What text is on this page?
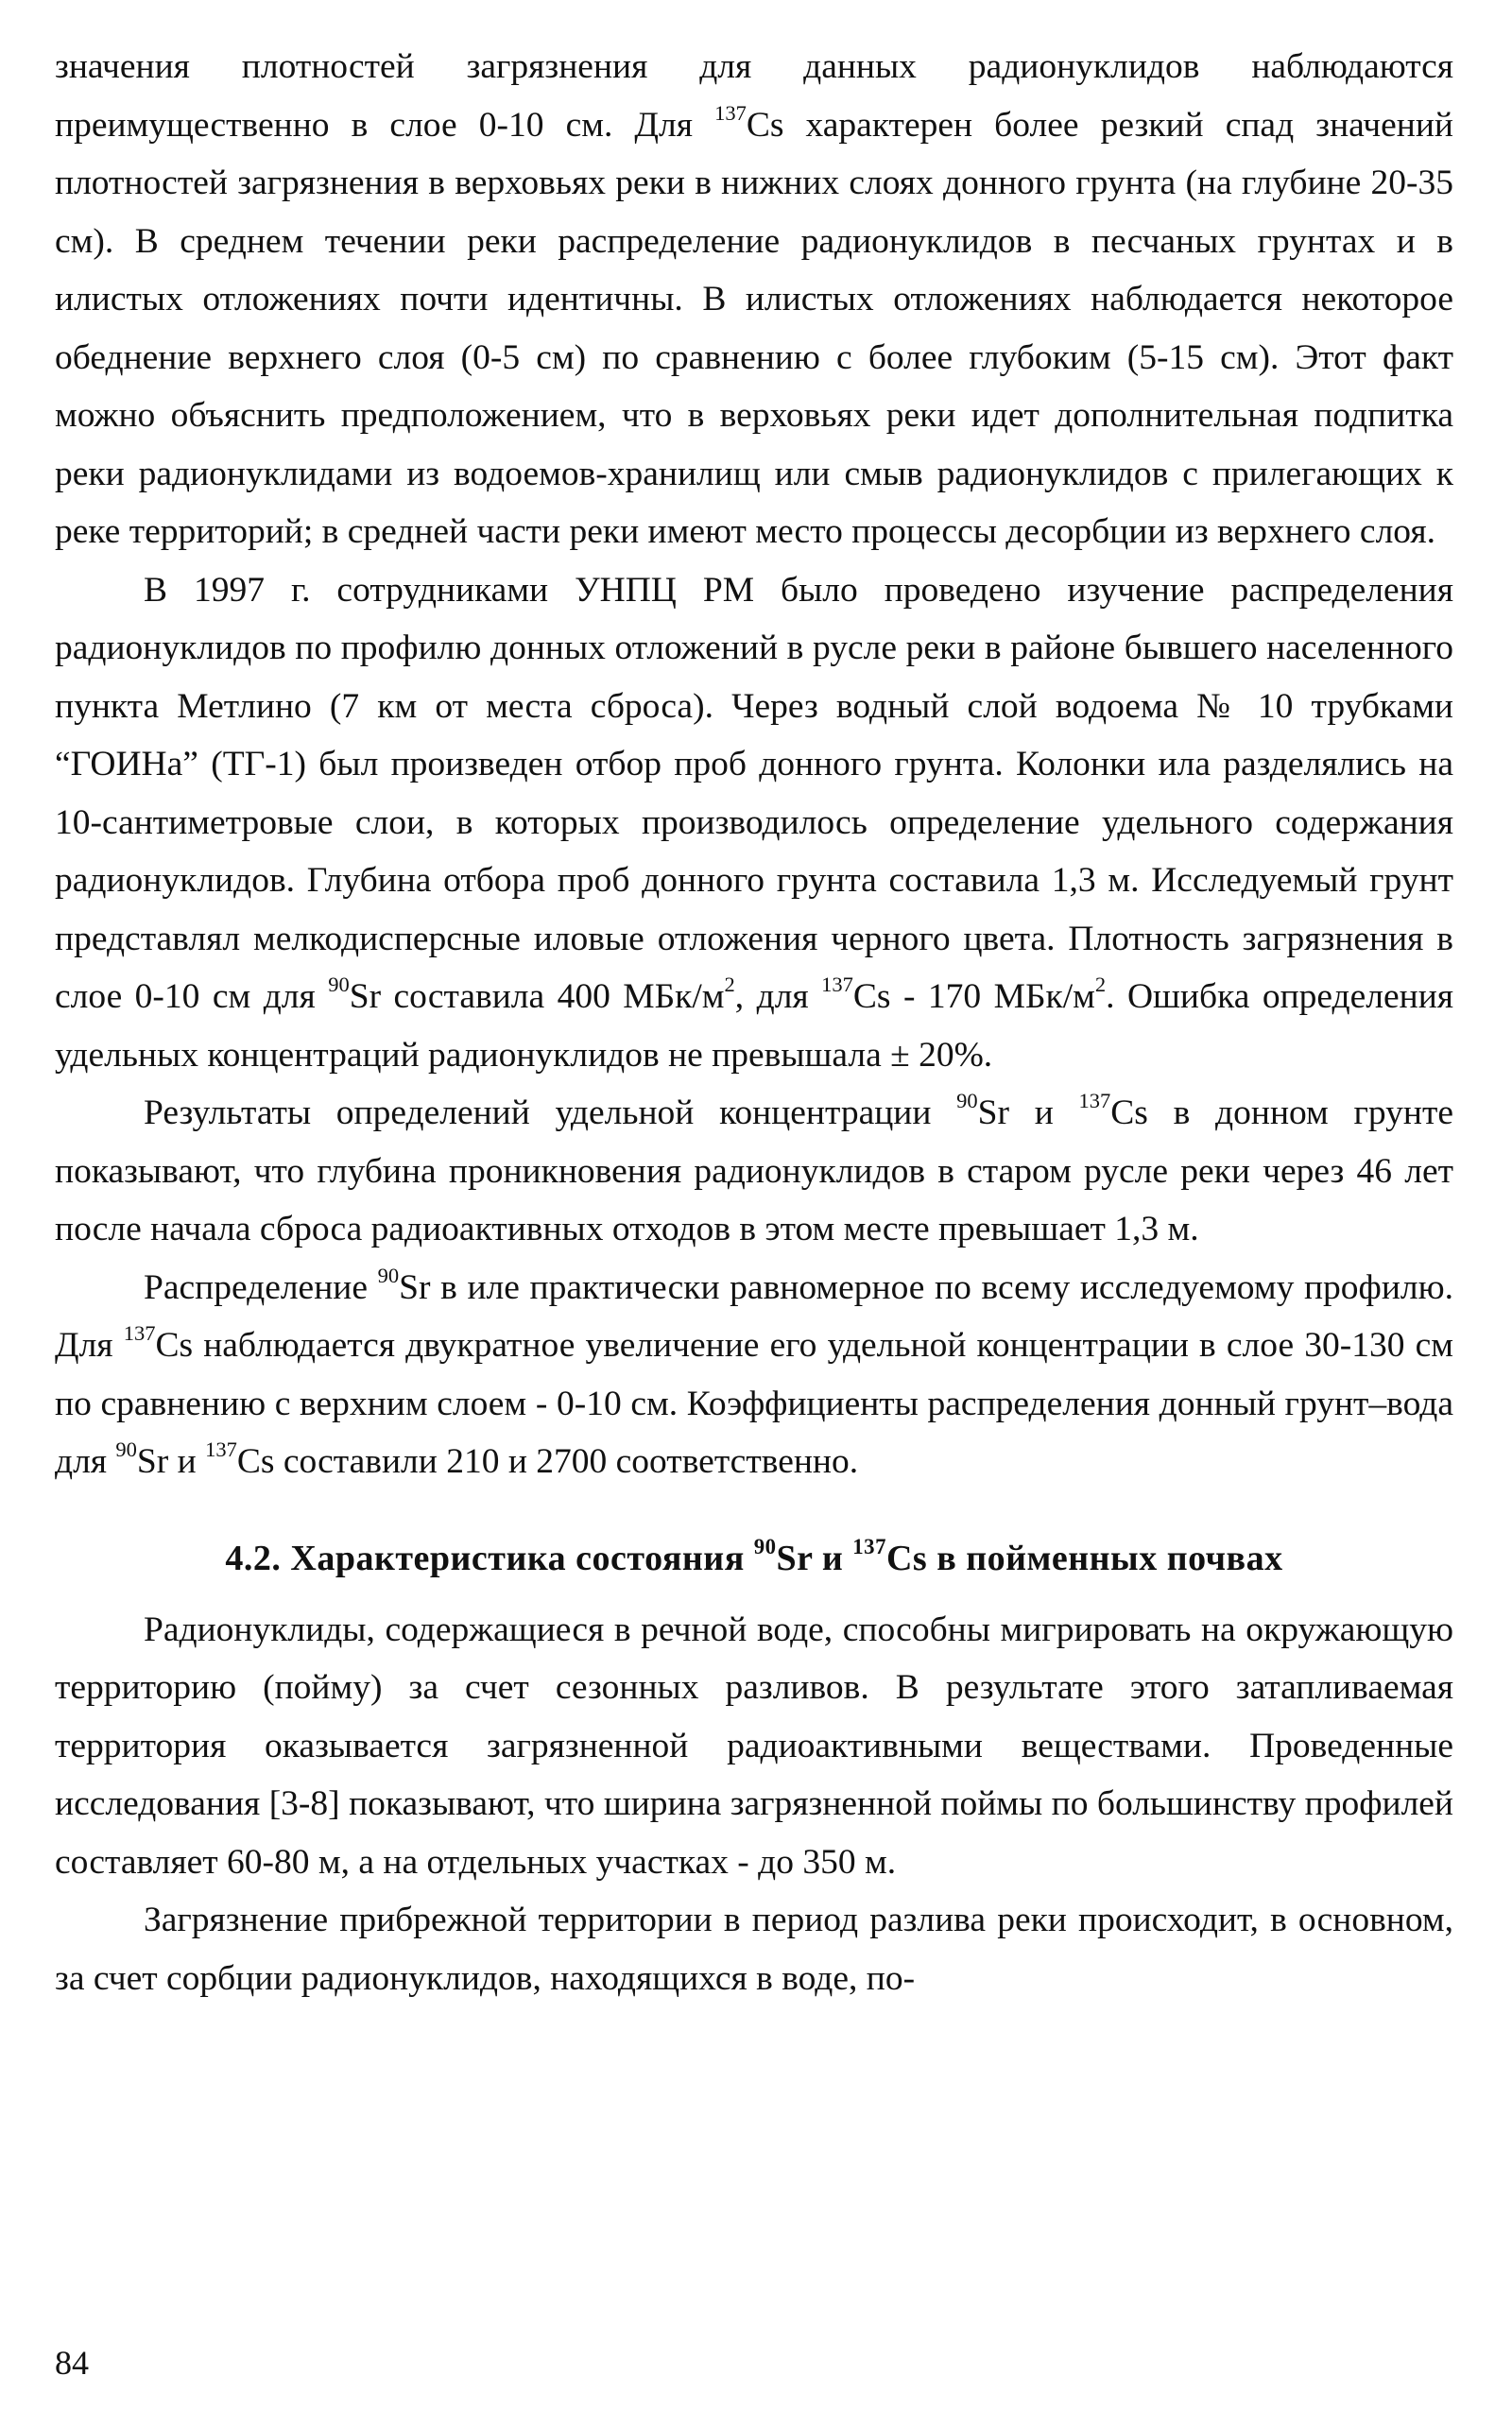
значения плотностей загрязнения для данных радионуклидов наблюдаются преимущественно в слое 0-10 см. Для $^{137}$Cs характерен более резкий спад значений плотностей загрязнения в верховьях реки в нижних слоях донного грунта (на глубине 20-35 см). В среднем течении реки распределение радионуклидов в песчаных грунтах и в илистых отложениях почти идентичны. В илистых отложениях наблюдается некоторое обеднение верхнего слоя (0-5 см) по сравнению с более глубоким (5-15 см). Этот факт можно объяснить предположением, что в верховьях реки идет дополнительная подпитка реки радионуклидами из водоемов-хранилищ или смыв радионуклидов с прилегающих к реке территорий; в средней части реки имеют место процессы десорбции из верхнего слоя.

В 1997 г. сотрудниками УНПЦ РМ было проведено изучение распределения радионуклидов по профилю донных отложений в русле реки в районе бывшего населенного пункта Метлино (7 км от места сброса). Через водный слой водоема № 10 трубками “ГОИНа” (ТГ-1) был произведен отбор проб донного грунта. Колонки ила разделялись на 10-сантиметровые слои, в которых производилось определение удельного содержания радионуклидов. Глубина отбора проб донного грунта составила 1,3 м. Исследуемый грунт представлял мелкодисперсные иловые отложения черного цвета. Плотность загрязнения в слое 0-10 см для $^{90}$Sr составила 400 МБк/$м^2$, для $^{137}$Cs - 170 МБк/$м^2$. Ошибка определения удельных концентраций радионуклидов не превышала ± 20%.

Результаты определений удельной концентрации $^{90}$Sr и $^{137}$Cs в донном грунте показывают, что глубина проникновения радионуклидов в старом русле реки через 46 лет после начала сброса радиоактивных отходов в этом месте превышает 1,3 м.

Распределение $^{90}$Sr в иле практически равномерное по всему исследуемому профилю. Для $^{137}$Cs наблюдается двукратное увеличение его удельной концентрации в слое 30-130 см по сравнению с верхним слоем - 0-10 см. Коэффициенты распределения донный грунт–вода для $^{90}$Sr и $^{137}$Cs составили 210 и 2700 соответственно.

4.2. Характеристика состояния $^{90}$Sr и $^{137}$Cs в пойменных почвах

Радионуклиды, содержащиеся в речной воде, способны мигрировать на окружающую территорию (пойму) за счет сезонных разливов. В результате этого затапливаемая территория оказывается загрязненной радиоактивными веществами. Проведенные исследования [3-8] показывают, что ширина загрязненной поймы по большинству профилей составляет 60-80 м, а на отдельных участках - до 350 м.

Загрязнение прибрежной территории в период разлива реки происходит, в основном, за счет сорбции радионуклидов, находящихся в воде, по-

84
